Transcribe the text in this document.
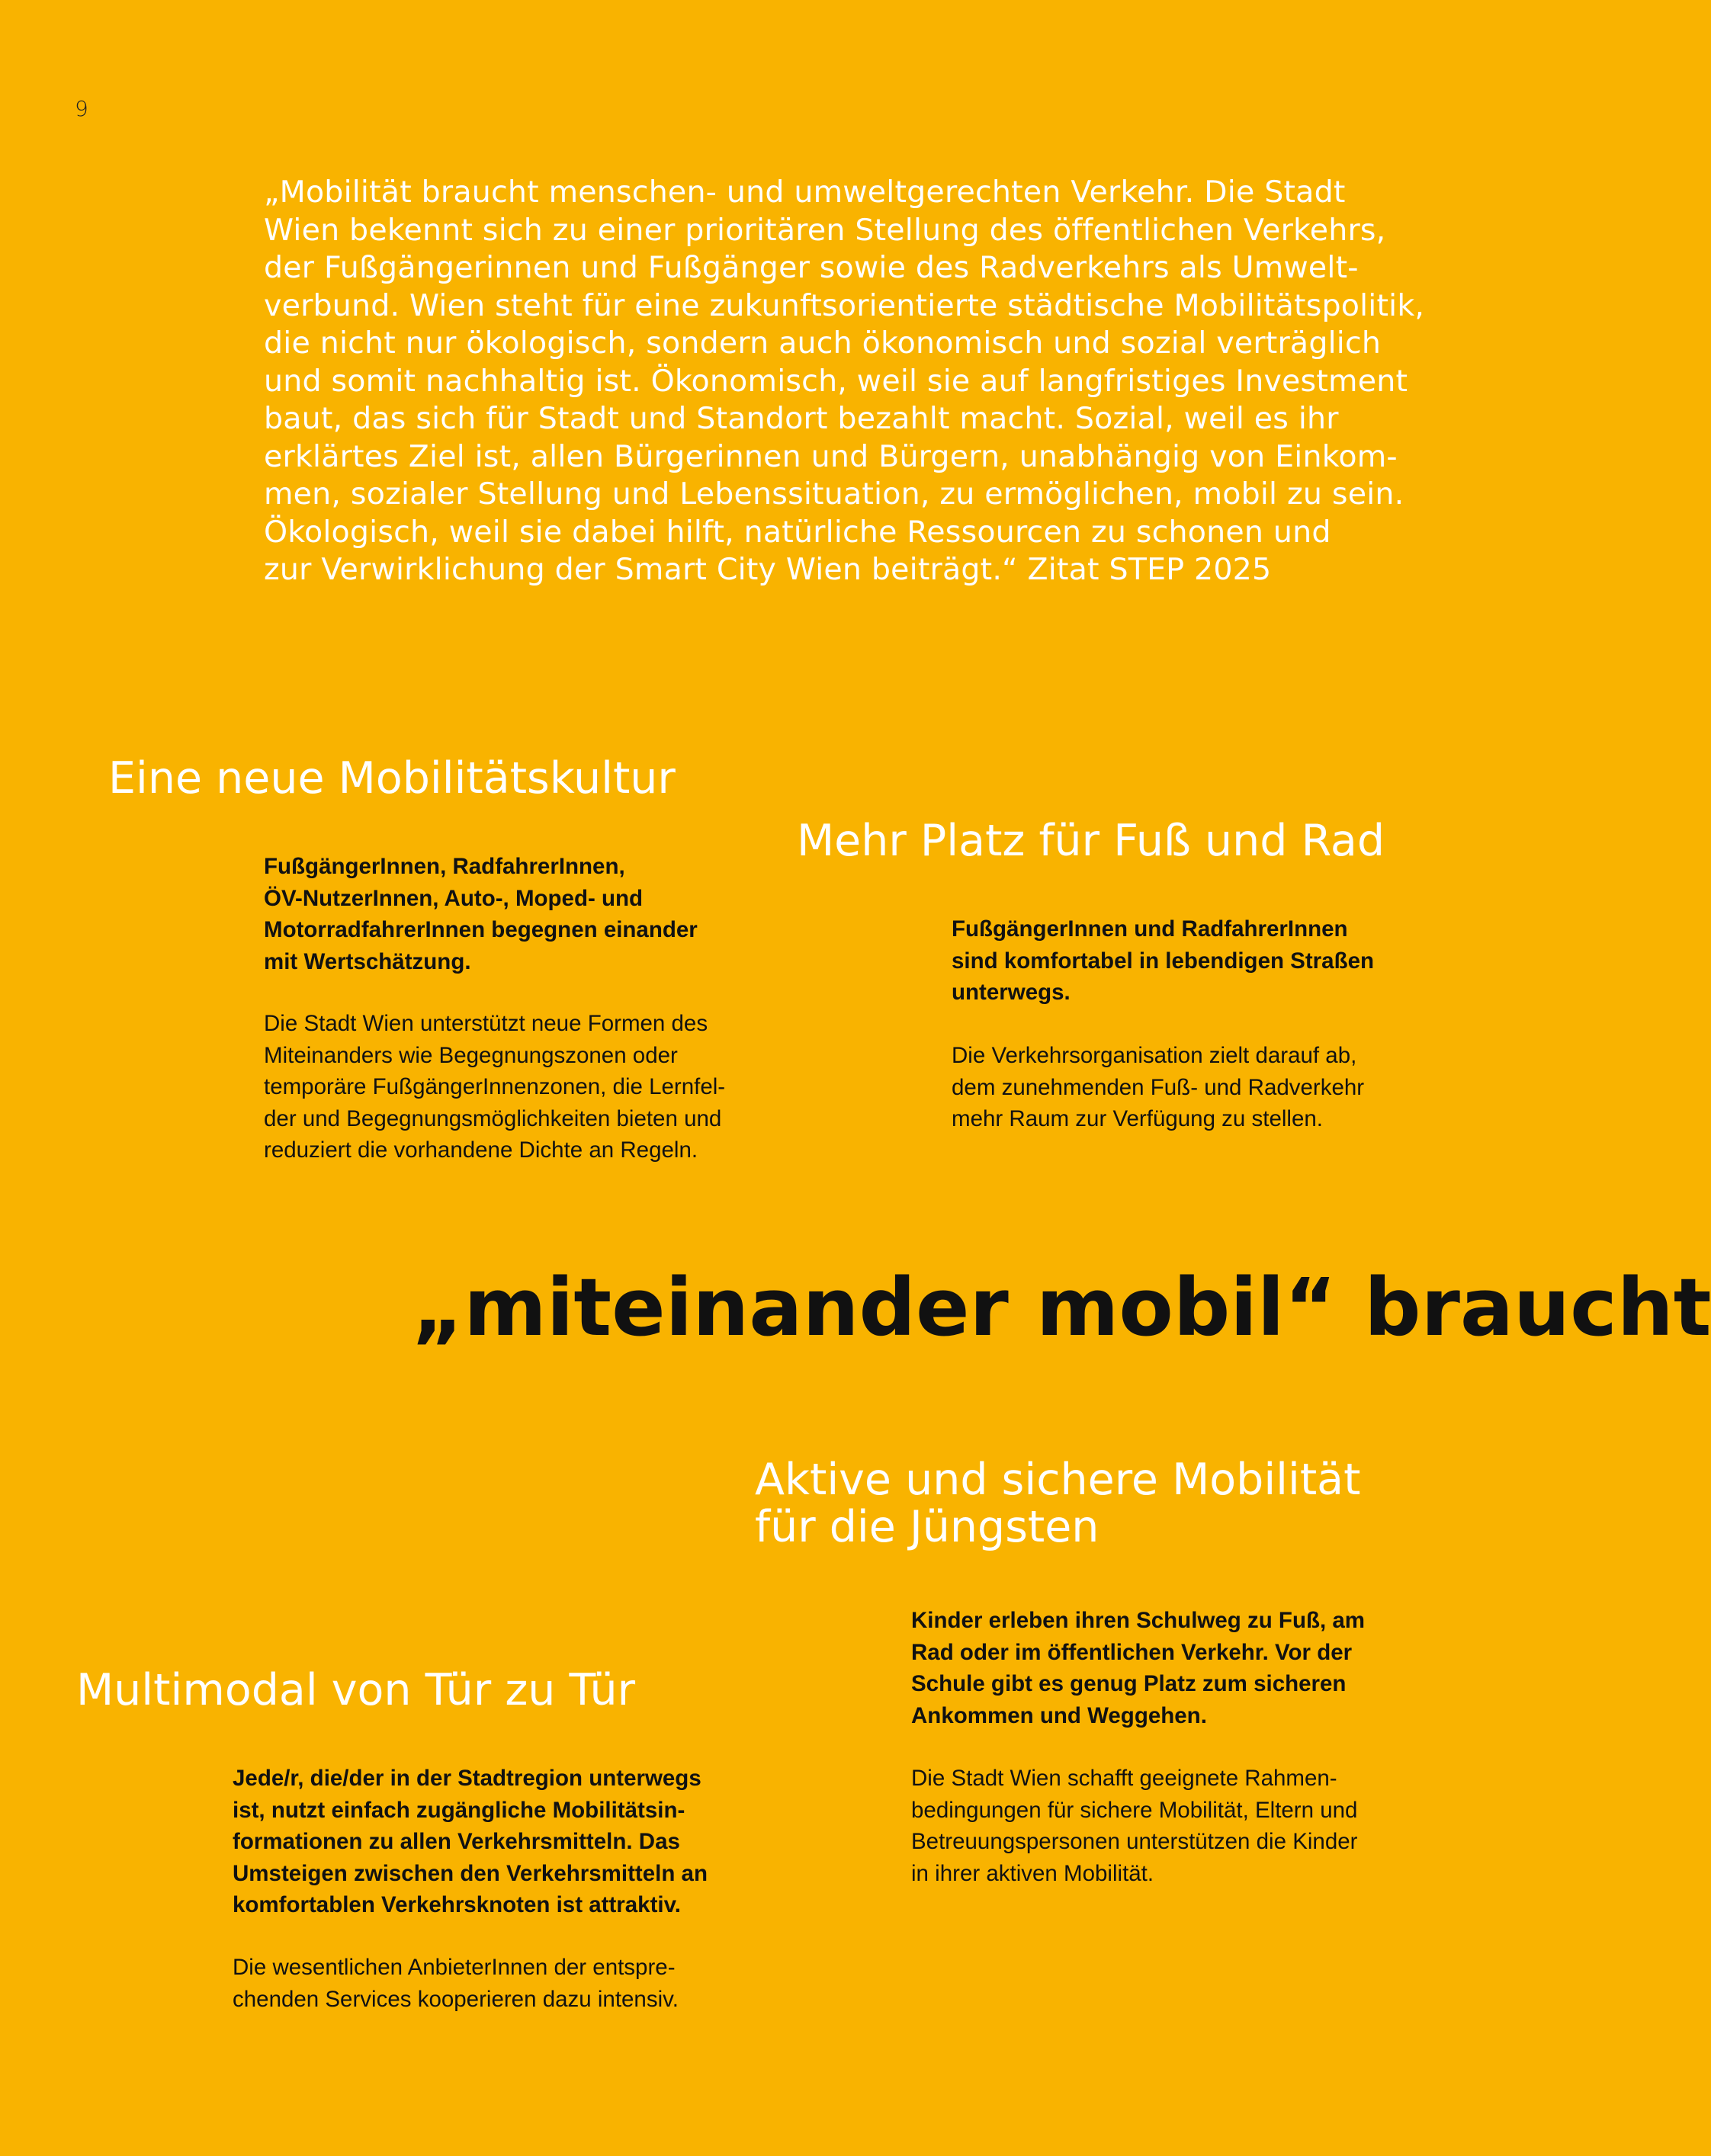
9
„Mobilität braucht menschen- und umweltgerechten Verkehr. Die Stadt
Wien bekennt sich zu einer prioritären Stellung des öffentlichen Verkehrs,
der Fußgängerinnen und Fußgänger sowie des Radverkehrs als Umwelt-
verbund. Wien steht für eine zukunftsorientierte städtische Mobilitätspolitik,
die nicht nur ökologisch, sondern auch ökonomisch und sozial verträglich
und somit nachhaltig ist. Ökonomisch, weil sie auf langfristiges Investment
baut, das sich für Stadt und Standort bezahlt macht. Sozial, weil es ihr
erklärtes Ziel ist, allen Bürgerinnen und Bürgern, unabhängig von Einkom-
men, sozialer Stellung und Lebenssituation, zu ermöglichen, mobil zu sein.
Ökologisch, weil sie dabei hilft, natürliche Ressourcen zu schonen und
zur Verwirklichung der Smart City Wien beiträgt.“ Zitat STEP 2025
Eine neue Mobilitätskultur

FußgängerInnen, RadfahrerInnen,
ÖV-NutzerInnen, Auto-, Moped- und
MotorradfahrerInnen begegnen einander
mit Wertschätzung.

Die Stadt Wien unterstützt neue Formen des
Miteinanders wie Begegnungszonen oder
temporäre FußgängerInnenzonen, die Lernfel-
der und Begegnungsmöglichkeiten bieten und
reduziert die vorhandene Dichte an Regeln.

Mehr Platz für Fuß und Rad

FußgängerInnen und RadfahrerInnen
sind komfortabel in lebendigen Straßen
unterwegs.

Die Verkehrsorganisation zielt darauf ab,
dem zunehmenden Fuß- und Radverkehr
mehr Raum zur Verfügung zu stellen.

„miteinander mobil“ braucht
Aktive und sichere Mobilität
für die Jüngsten

Kinder erleben ihren Schulweg zu Fuß, am
Rad oder im öffentlichen Verkehr. Vor der
Schule gibt es genug Platz zum sicheren
Ankommen und Weggehen.

Die Stadt Wien schafft geeignete Rahmen-
bedingungen für sichere Mobilität, Eltern und
Betreuungspersonen unterstützen die Kinder
in ihrer aktiven Mobilität.

Multimodal von Tür zu Tür

Jede/r, die/der in der Stadtregion unterwegs
ist, nutzt einfach zugängliche Mobilitätsin-
formationen zu allen Verkehrsmitteln. Das
Umsteigen zwischen den Verkehrsmitteln an
komfortablen Verkehrsknoten ist attraktiv.

Die wesentlichen AnbieterInnen der entspre-
chenden Services kooperieren dazu intensiv.
